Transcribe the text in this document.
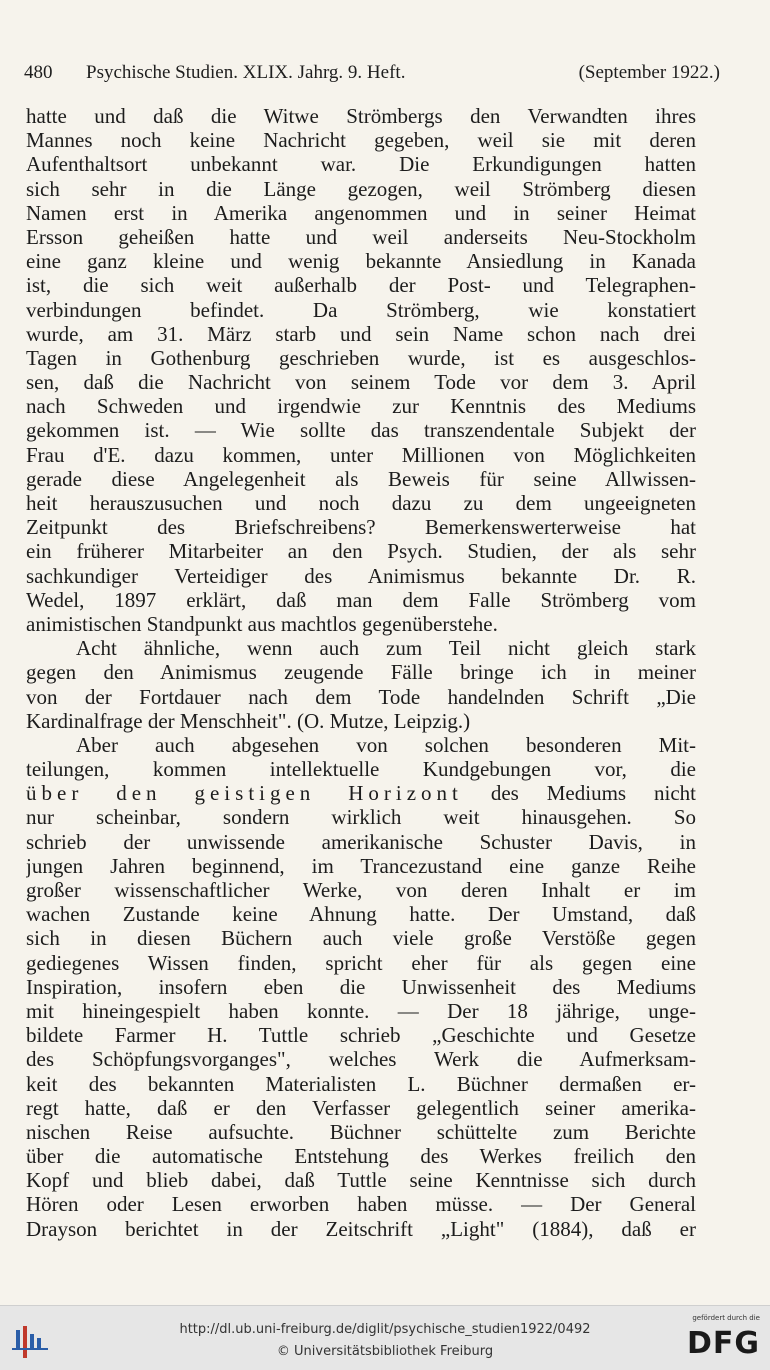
480 Psychische Studien. XLIX. Jahrg. 9. Heft.	(September 1922.)
hatte und daß die Witwe Strömbergs den Verwandten ihres
Mannes noch keine Nachricht gegeben, weil sie mit deren
Aufenthaltsort unbekannt war. Die Erkundigungen hatten
sich sehr in die Länge gezogen, weil Strömberg diesen
Namen erst in Amerika angenommen und in seiner Heimat
Ersson geheißen hatte und weil anderseits Neu-Stockholm
eine ganz kleine und wenig bekannte Ansiedlung in Kanada
ist, die sich weit außerhalb der Post- und Telegraphen-
verbindungen befindet. Da Strömberg, wie konstatiert
wurde, am 31. März starb und sein Name schon nach drei
Tagen in Gothenburg geschrieben wurde, ist es ausgeschlos-
sen, daß die Nachricht von seinem Tode vor dem 3. April
nach Schweden und irgendwie zur Kenntnis des Mediums
gekommen ist. — Wie sollte das transzendentale Subjekt der
Frau d'E. dazu kommen, unter Millionen von Möglichkeiten
gerade diese Angelegenheit als Beweis für seine Allwissen-
heit herauszusuchen und noch dazu zu dem ungeeigneten
Zeitpunkt des Briefschreibens? Bemerkenswerterweise hat
ein früherer Mitarbeiter an den Psych. Studien, der als sehr
sachkundiger Verteidiger des Animismus bekannte Dr. R.
Wedel, 1897 erklärt, daß man dem Falle Strömberg vom
animistischen Standpunkt aus machtlos gegenüberstehe.
Acht ähnliche, wenn auch zum Teil nicht gleich stark
gegen den Animismus zeugende Fälle bringe ich in meiner
von der Fortdauer nach dem Tode handelnden Schrift „Die
Kardinalfrage der Menschheit". (O. Mutze, Leipzig.)
Aber auch abgesehen von solchen besonderen Mit-
teilungen, kommen intellektuelle Kundgebungen vor, die
über den geistigen Horizont des Mediums nicht
nur scheinbar, sondern wirklich weit hinausgehen. So
schrieb der unwissende amerikanische Schuster Davis, in
jungen Jahren beginnend, im Trancezustand eine ganze Reihe
großer wissenschaftlicher Werke, von deren Inhalt er im
wachen Zustande keine Ahnung hatte. Der Umstand, daß
sich in diesen Büchern auch viele große Verstöße gegen
gediegenes Wissen finden, spricht eher für als gegen eine
Inspiration, insofern eben die Unwissenheit des Mediums
mit hineingespielt haben konnte. — Der 18 jährige, unge-
bildete Farmer H. Tuttle schrieb „Geschichte und Gesetze
des Schöpfungsvorganges", welches Werk die Aufmerksam-
keit des bekannten Materialisten L. Büchner dermaßen er-
regt hatte, daß er den Verfasser gelegentlich seiner amerika-
nischen Reise aufsuchte. Büchner schüttelte zum Berichte
über die automatische Entstehung des Werkes freilich den
Kopf und blieb dabei, daß Tuttle seine Kenntnisse sich durch
Hören oder Lesen erworben haben müsse. — Der General
Drayson berichtet in der Zeitschrift „Light" (1884), daß er
http://dl.ub.uni-freiburg.de/diglit/psychische_studien1922/0492
© Universitätsbibliothek Freiburg
gefördert durch die
DFG
